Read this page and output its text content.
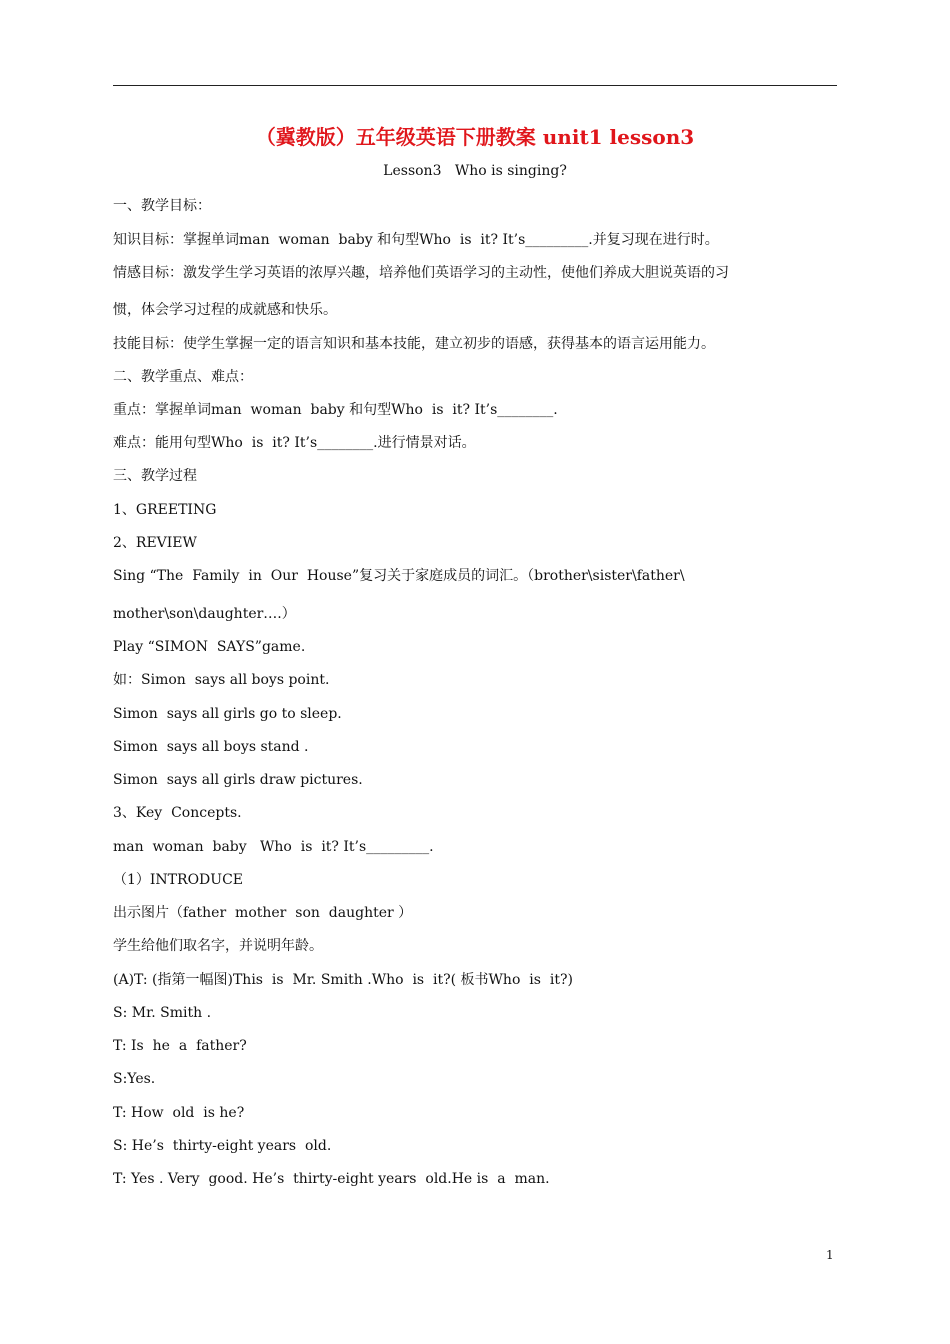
（冀教版）五年级英语下册教案 unit1 lesson3
Lesson3   Who is singing?
一、教学目标：
知识目标：掌握单词man  woman  baby 和句型Who  is  it? It’s_________.并复习现在进行时。
情感目标：激发学生学习英语的浓厚兴趣，培养他们英语学习的主动性，使他们养成大胆说英语的习
惯，体会学习过程的成就感和快乐。
技能目标：使学生掌握一定的语言知识和基本技能，建立初步的语感，获得基本的语言运用能力。
二、教学重点、难点：
重点：掌握单词man  woman  baby 和句型Who  is  it? It’s________.
难点：能用句型Who  is  it? It’s________.进行情景对话。
三、教学过程
1、GREETING
2、REVIEW
Sing “The  Family  in  Our  House”复习关于家庭成员的词汇。（brother\sister\father\
mother\son\daughter….）
Play “SIMON  SAYS”game.
如：Simon  says all boys point.
Simon  says all girls go to sleep.
Simon  says all boys stand .
Simon  says all girls draw pictures.
3、Key  Concepts.
man  woman  baby   Who  is  it? It’s_________.
（1）INTRODUCE
出示图片（father  mother  son  daughter ）
学生给他们取名字，并说明年龄。
(A)T: (指第一幅图)This  is  Mr. Smith .Who  is  it?( 板书Who  is  it?)
S: Mr. Smith .
T: Is  he  a  father?
S:Yes.
T: How  old  is he?
S: He’s  thirty-eight years  old.
T: Yes . Very  good. He’s  thirty-eight years  old.He is  a  man.
1
